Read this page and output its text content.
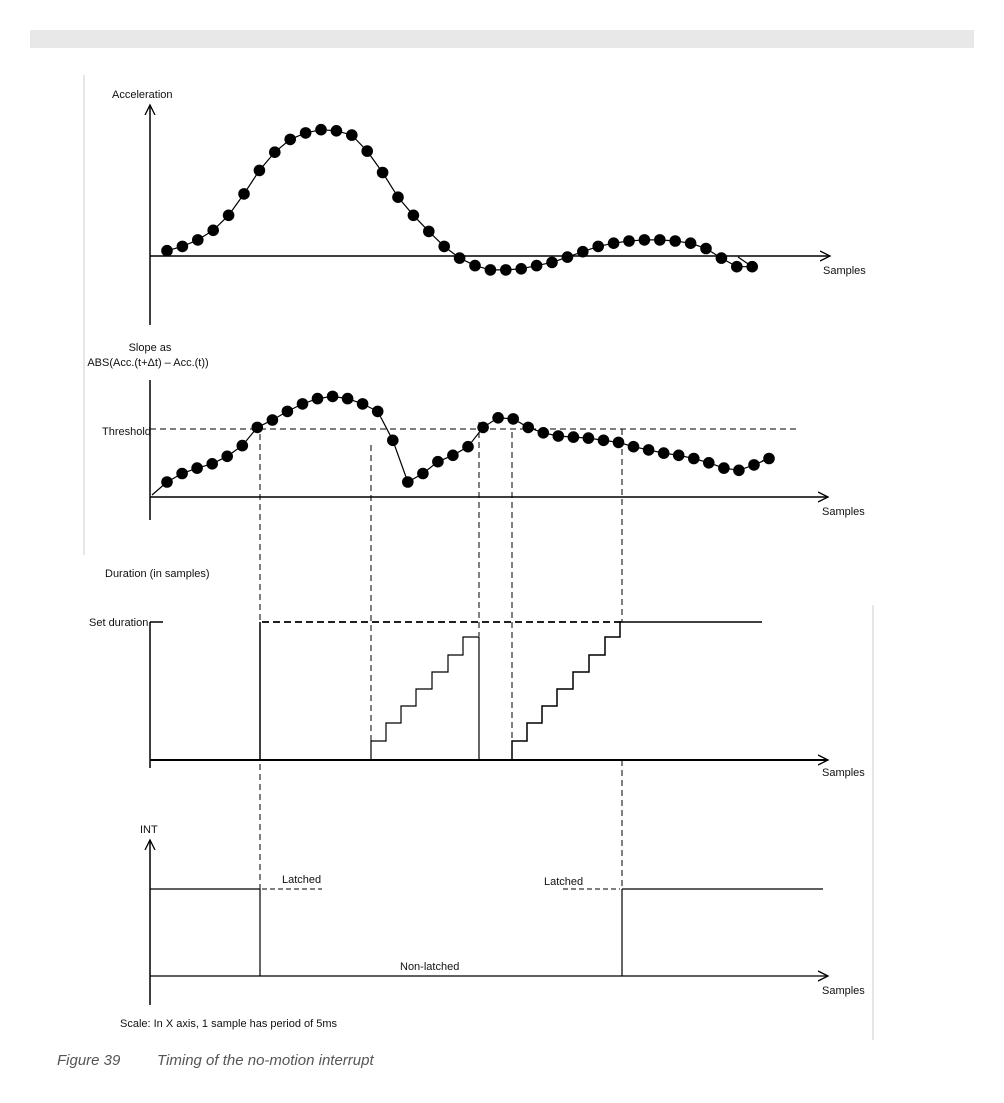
Acceleration
Samples
Slope as
ABS(Acc.(t+Δt) – Acc.(t))
Threshold
Samples
Duration (in samples)
Set duration
Samples
INT
Samples
Latched	Latched
Non-latched
Scale: In X axis, 1 sample has period of 5ms
Figure 39 Timing of the no-motion interrupt
